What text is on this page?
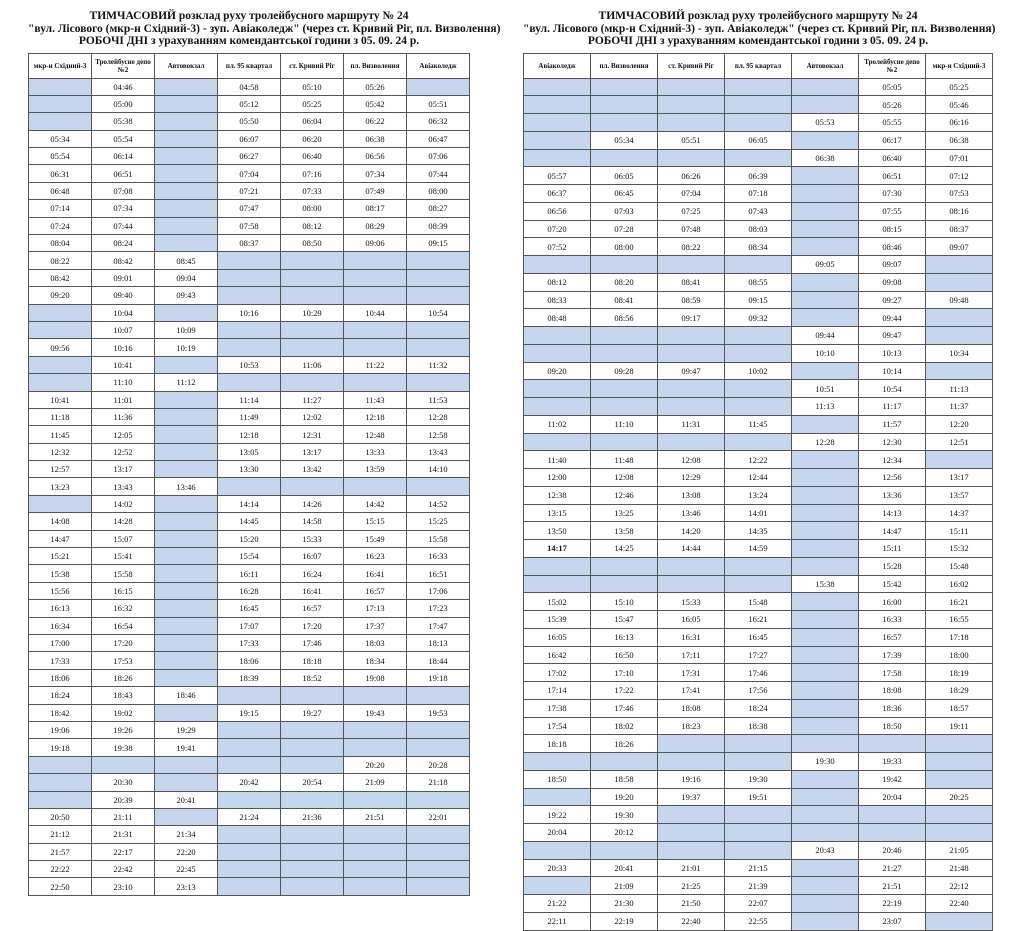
ТИМЧАСОВИЙ розклад руху тролейбусного маршруту № 24
"вул. Лісового (мкр-н Східний-3) - зуп. Авіаколедж" (через ст. Кривий Ріг, пл. Визволення)
РОБОЧІ ДНІ з урахуванням комендантської години з 05. 09. 24 р.
мкр-н Східний-3	Тролейбусне депо №2	Автовокзал	пл. 95 квартал	ст. Кривий Ріг	пл. Визволення	Авіаколедж
	04:46		04:58	05:10	05:26	
	05:00		05:12	05:25	05:42	05:51
	05:38		05:50	06:04	06:22	06:32
05:34	05:54		06:07	06:20	06:38	06:47
05:54	06:14		06:27	06:40	06:56	07:06
06:31	06:51		07:04	07:16	07:34	07:44
06:48	07:08		07:21	07:33	07:49	08:00
07:14	07:34		07:47	08:00	08:17	08:27
07:24	07:44		07:58	08:12	08:29	08:39
08:04	08:24		08:37	08:50	09:06	09:15
08:22	08:42	08:45				
08:42	09:01	09:04				
09:20	09:40	09:43				
	10:04		10:16	10:29	10:44	10:54
	10:07	10:09				
09:56	10:16	10:19				
	10:41		10:53	11:06	11:22	11:32
	11:10	11:12				
10:41	11:01		11:14	11:27	11:43	11:53
11:18	11:36		11:49	12:02	12:18	12:28
11:45	12:05		12:18	12:31	12:48	12:58
12:32	12:52		13:05	13:17	13:33	13:43
12:57	13:17		13:30	13:42	13:59	14:10
13:23	13:43	13:46				
	14:02		14:14	14:26	14:42	14:52
14:08	14:28		14:45	14:58	15:15	15:25
14:47	15:07		15:20	15:33	15:49	15:58
15:21	15:41		15:54	16:07	16:23	16:33
15:38	15:58		16:11	16:24	16:41	16:51
15:56	16:15		16:28	16:41	16:57	17:06
16:13	16:32		16:45	16:57	17:13	17:23
16:34	16:54		17:07	17:20	17:37	17:47
17:00	17:20		17:33	17:46	18:03	18:13
17:33	17:53		18:06	18:18	18:34	18:44
18:06	18:26		18:39	18:52	19:08	19:18
18:24	18:43	18:46				
18:42	19:02		19:15	19:27	19:43	19:53
19:06	19:26	19:29				
19:18	19:38	19:41				
					20:20	20:28
	20:30		20:42	20:54	21:09	21:18
	20:39	20:41				
20:50	21:11		21:24	21:36	21:51	22:01
21:12	21:31	21:34				
21:57	22:17	22:20				
22:22	22:42	22:45				
22:50	23:10	23:13				
ТИМЧАСОВИЙ розклад руху тролейбусного маршруту № 24
"вул. Лісового (мкр-н Східний-3) - зуп. Авіаколедж" (через ст. Кривий Ріг, пл. Визволення)
РОБОЧІ ДНІ з урахуванням комендантської години з 05. 09. 24 р.
Авіаколедж	пл. Визволення	ст. Кривий Ріг	пл. 95 квартал	Автовокзал	Тролейбусне депо №2	мкр-н Східний-3
					05:05	05:25
					05:26	05:46
				05:53	05:55	06:16
	05:34	05:51	06:05		06:17	06:38
				06:38	06:40	07:01
05:57	06:05	06:26	06:39		06:51	07:12
06:37	06:45	07:04	07:18		07:30	07:53
06:56	07:03	07:25	07:43		07:55	08:16
07:20	07:28	07:48	08:03		08:15	08:37
07:52	08:00	08:22	08:34		08:46	09:07
				09:05	09:07	
08:12	08:20	08:41	08:55		09:08	
08:33	08:41	08:59	09:15		09:27	09:48
08:48	08:56	09:17	09:32		09:44	
				09:44	09:47	
				10:10	10:13	10:34
09:20	09:28	09:47	10:02		10:14	
				10:51	10:54	11:13
				11:13	11:17	11:37
11:02	11:10	11:31	11:45		11:57	12:20
				12:28	12:30	12:51
11:40	11:48	12:08	12:22		12:34	
12:00	12:08	12:29	12:44		12:56	13:17
12:38	12:46	13:08	13:24		13:36	13:57
13:15	13:25	13:46	14:01		14:13	14:37
13:50	13:58	14:20	14:35		14:47	15:11
14:17	14:25	14:44	14:59		15:11	15:32
					15:28	15:48
				15:38	15:42	16:02
15:02	15:10	15:33	15:48		16:00	16:21
15:39	15:47	16:05	16:21		16:33	16:55
16:05	16:13	16:31	16:45		16:57	17:18
16:42	16:50	17:11	17:27		17:39	18:00
17:02	17:10	17:31	17:46		17:58	18:19
17:14	17:22	17:41	17:56		18:08	18:29
17:38	17:46	18:08	18:24		18:36	18:57
17:54	18:02	18:23	18:38		18:50	19:11
18:18	18:26					
				19:30	19:33	
18:50	18:58	19:16	19:30		19:42	
	19:20	19:37	19:51		20:04	20:25
19:22	19:30					
20:04	20:12					
				20:43	20:46	21:05
20:33	20:41	21:01	21:15		21:27	21:48
	21:09	21:25	21:39		21:51	22:12
21:22	21:30	21:50	22:07		22:19	22:40
22:11	22:19	22:40	22:55		23:07	
